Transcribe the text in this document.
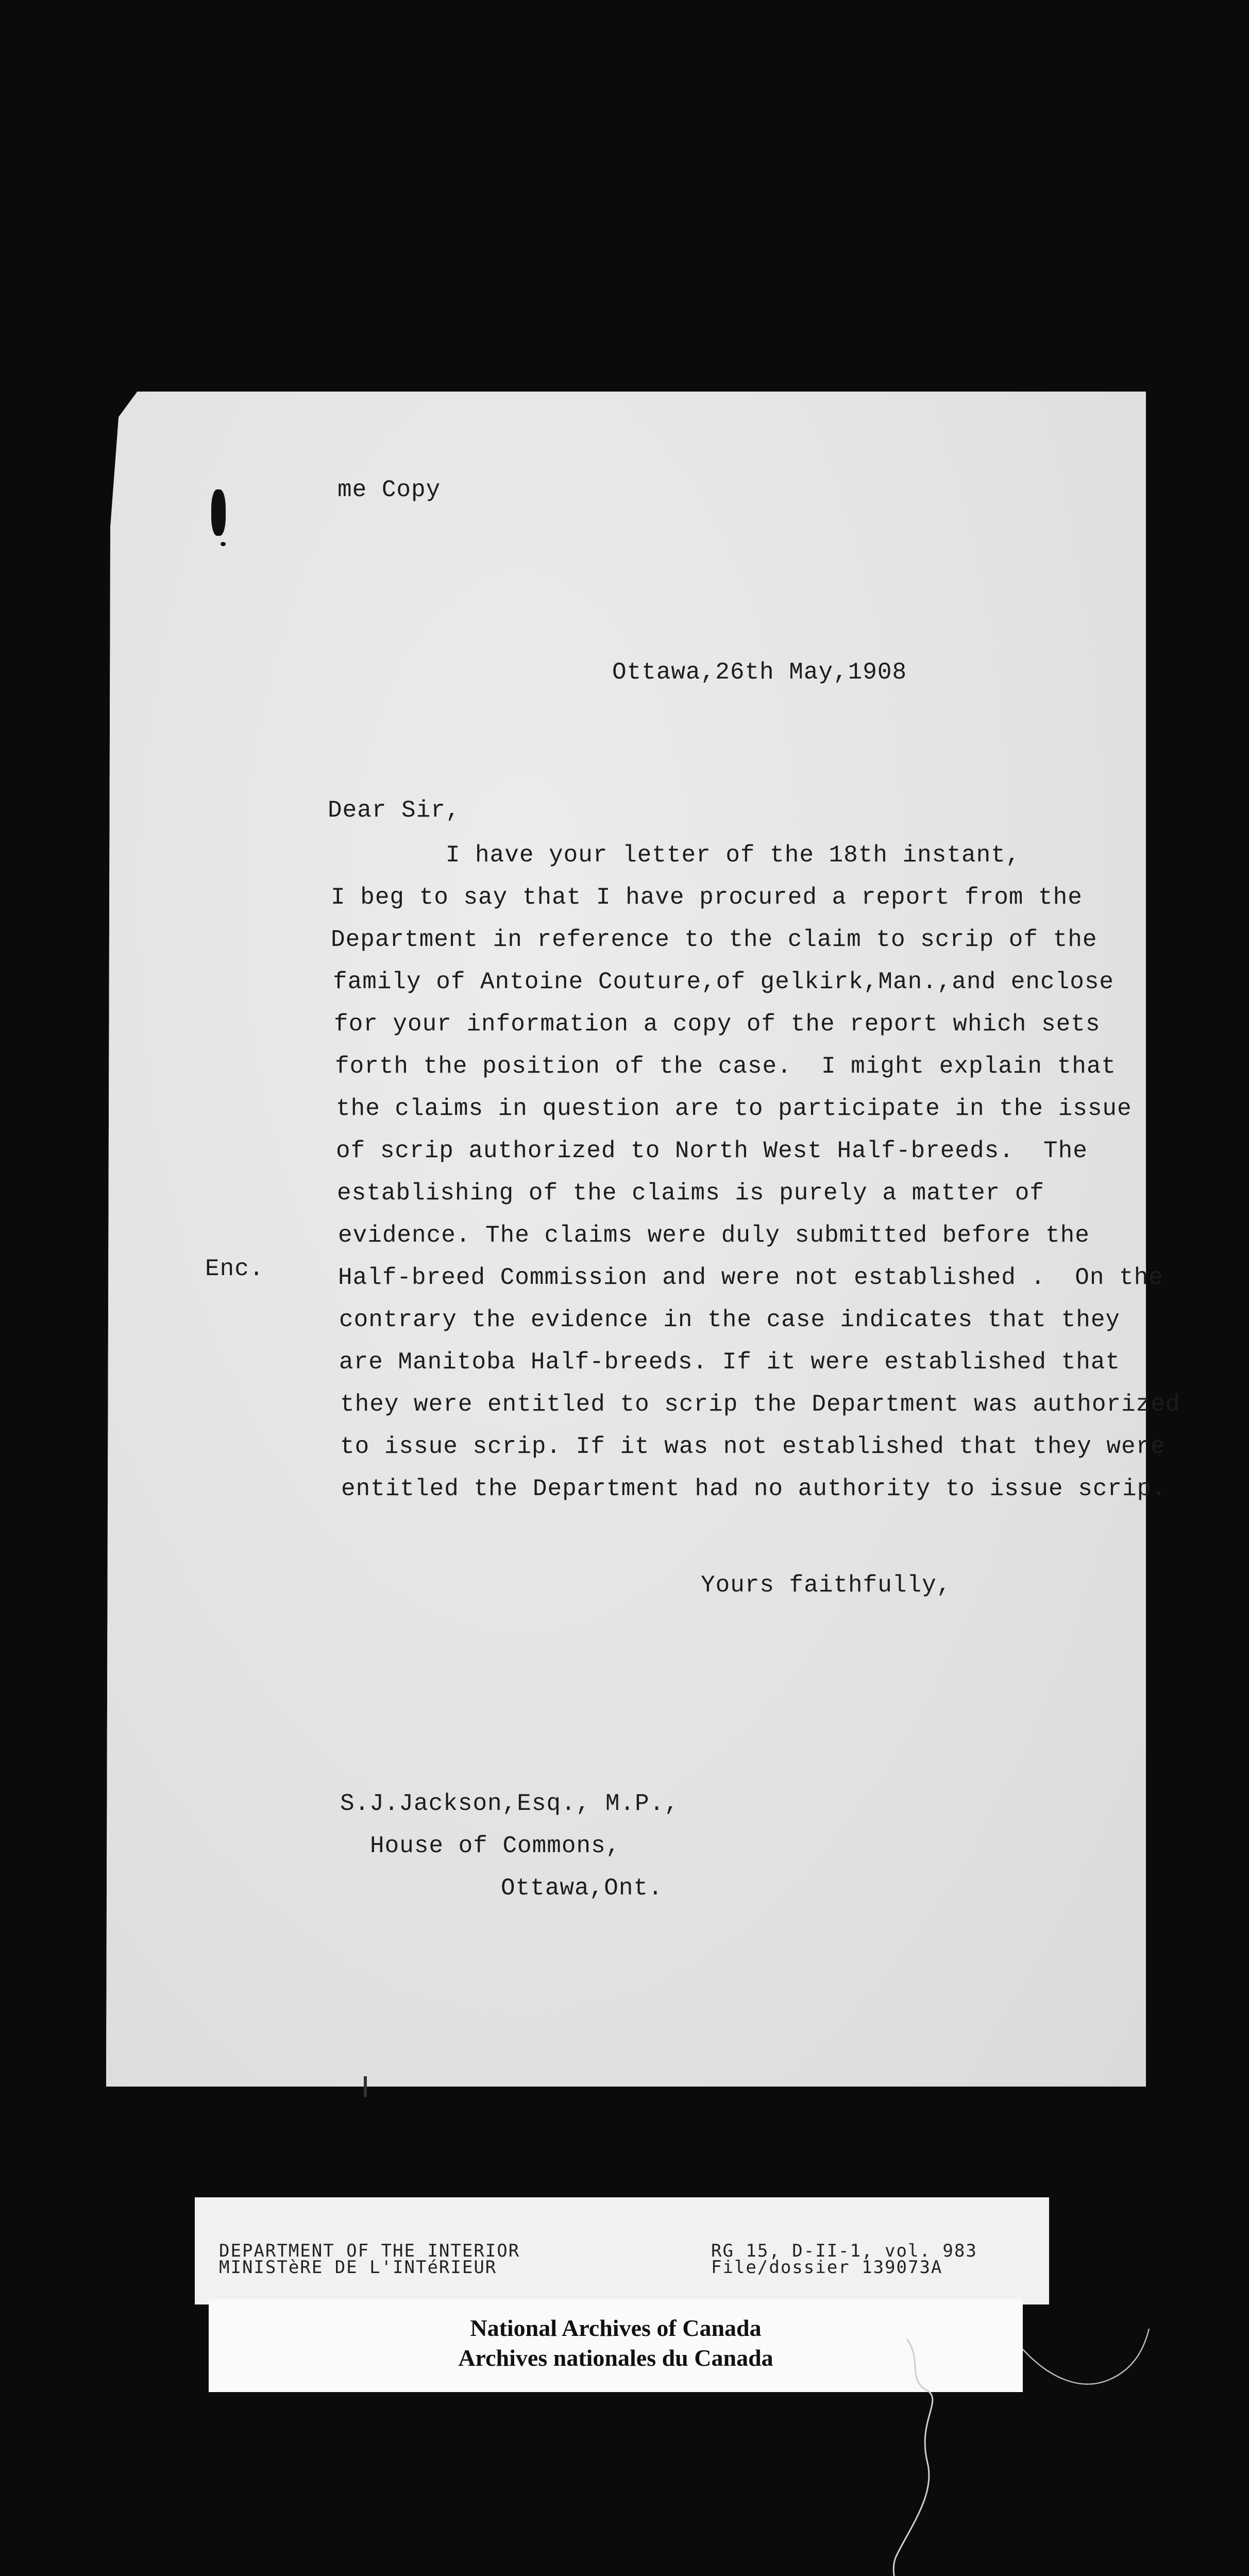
me Copy
Ottawa,26th May,1908
Dear Sir,
I have your letter of the 18th instant,
I beg to say that I have procured a report from the
Department in reference to the claim to scrip of the
family of Antoine Couture,of gelkirk,Man.,and enclose
for your information a copy of the report which sets
forth the position of the case.  I might explain that
the claims in question are to participate in the issue
of scrip authorized to North West Half-breeds.  The
establishing of the claims is purely a matter of
evidence. The claims were duly submitted before the
Half-breed Commission and were not established .  On the
contrary the evidence in the case indicates that they
are Manitoba Half-breeds. If it were established that
they were entitled to scrip the Department was authorized
to issue scrip. If it was not established that they were
entitled the Department had no authority to issue scrip.
Enc.
Yours faithfully,
S.J.Jackson,Esq., M.P.,
House of Commons,
Ottawa,Ont.
DEPARTMENT OF THE INTERIOR
MINISTèRE DE L'INTéRIEUR
RG 15, D-II-1, vol. 983
File/dossier 139073A
National Archives of Canada
Archives nationales du Canada
